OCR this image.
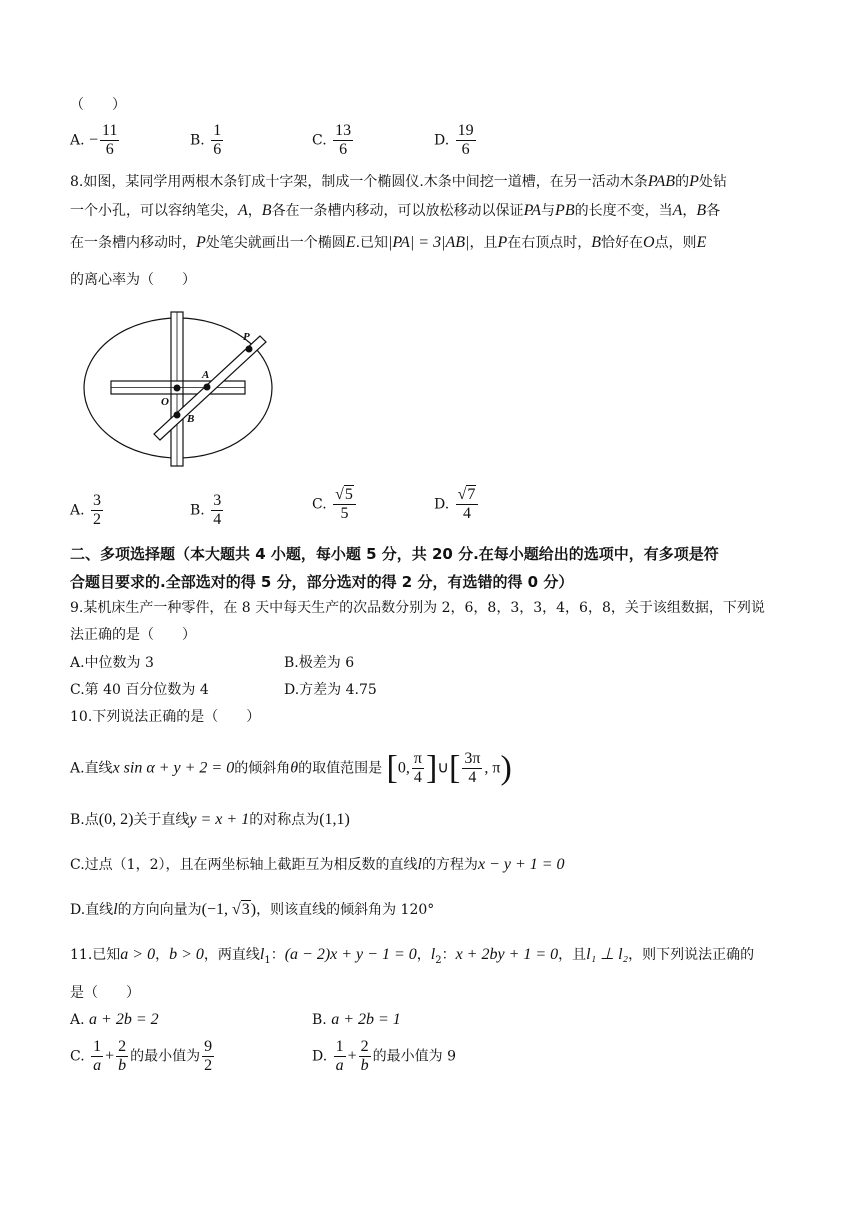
（　　）
A. − $\frac{11}{6}$	B. $\frac{1}{6}$	C. $\frac{13}{6}$	D. $\frac{19}{6}$
8.如图，某同学用两根木条钉成十字架，制成一个椭圆仪.木条中间挖一道槽，在另一活动木条PAB的P处钻
一个小孔，可以容纳笔尖，A，B各在一条槽内移动，可以放松移动以保证PA与PB的长度不变，当A，B各
在一条槽内移动时，P处笔尖就画出一个椭圆E.已知|PA| = 3|AB|，且P在右顶点时，B恰好在O点，则E
的离心率为（　　）
P
A
O
B
A. $\frac{3}{2}$	B. $\frac{3}{4}$	C. $\frac{√5}{5}$	D. $\frac{√7}{4}$
二、多项选择题（本大题共 4 小题，每小题 5 分，共 20 分.在每小题给出的选项中，有多项是符
合题目要求的.全部选对的得 5 分，部分选对的得 2 分，有选错的得 0 分）
9.某机床生产一种零件，在 8 天中每天生产的次品数分别为 2，6，8，3，3，4，6，8，关于该组数据，下列说
法正确的是（　　）
A.中位数为 3	B.极差为 6
C.第 40 百分位数为 4	D.方差为 4.75
10.下列说法正确的是（　　）
A.直线x sin α + y + 2 = 0的倾斜角θ的取值范围是 [0, $\frac{\pi}{4}$ ]∪[ $\frac{3\pi}{4}$ , π)
B.点(0, 2)关于直线y = x + 1的对称点为(1,1)
C.过点（1，2），且在两坐标轴上截距互为相反数的直线l的方程为x − y + 1 = 0
D.直线l的方向向量为(−1, √3)，则该直线的倾斜角为 120°
11.已知a > 0，b > 0，两直线$l_1$：(a − 2)x + y − 1 = 0，$l_2$：x + 2by + 1 = 0，且l₁ ⊥ l₂，则下列说法正确的
是（　　）
A. a + 2b = 2	B. a + 2b = 1
C. $\frac{1}{a} + \frac{2}{b}$ 的最小值为 $\frac{9}{2}$	D. $\frac{1}{a} + \frac{2}{b}$ 的最小值为 9
